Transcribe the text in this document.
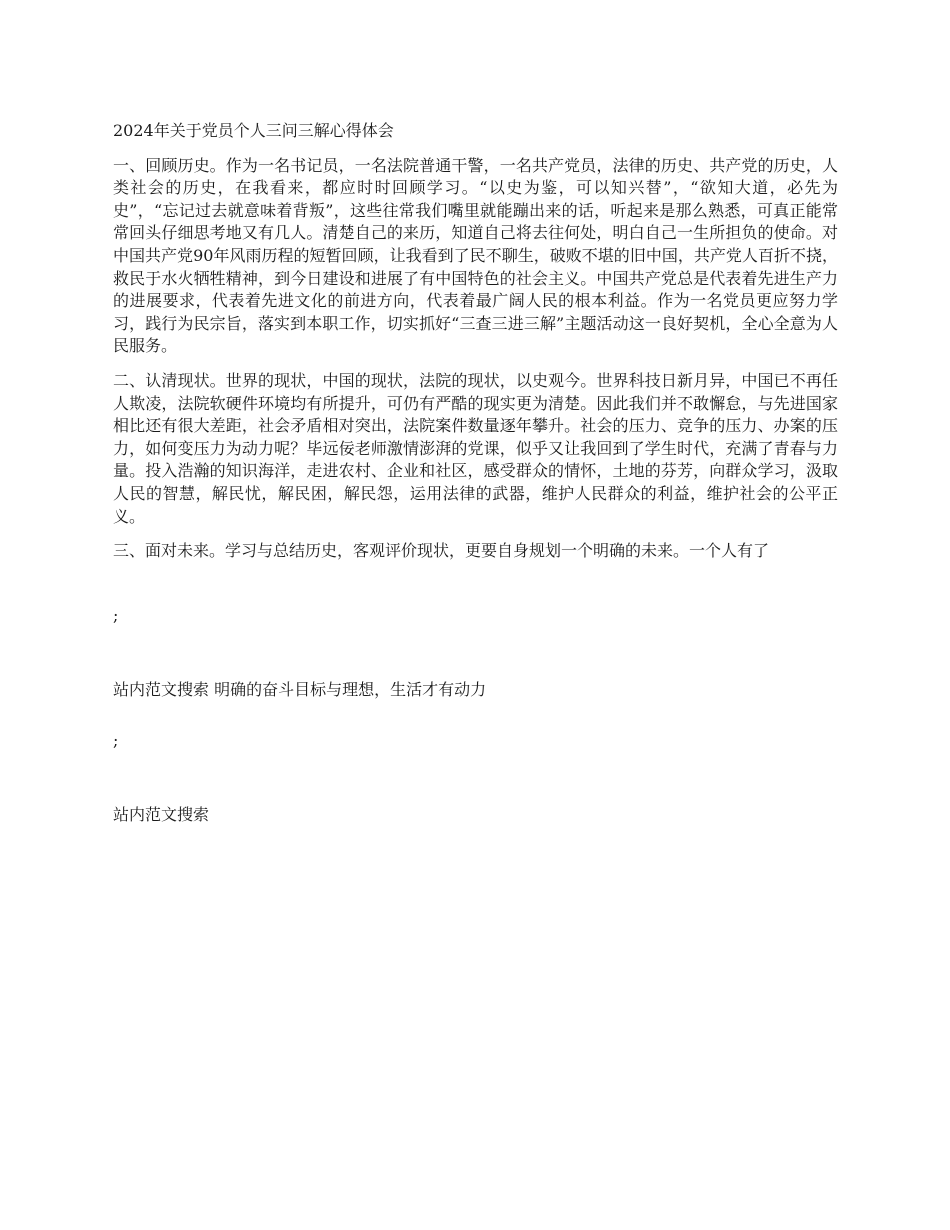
2024年关于党员个人三问三解心得体会

一、回顾历史。作为一名书记员，一名法院普通干警，一名共产党员，法律的历史、共产党的历史，人类社会的历史，在我看来，都应时时回顾学习。“以史为鉴，可以知兴替”，“欲知大道，必先为史”，“忘记过去就意味着背叛”，这些往常我们嘴里就能蹦出来的话，听起来是那么熟悉，可真正能常常回头仔细思考地又有几人。清楚自己的来历，知道自己将去往何处，明白自己一生所担负的使命。对中国共产党90年风雨历程的短暂回顾，让我看到了民不聊生，破败不堪的旧中国，共产党人百折不挠，救民于水火牺牲精神，到今日建设和进展了有中国特色的社会主义。中国共产党总是代表着先进生产力的进展要求，代表着先进文化的前进方向，代表着最广阔人民的根本利益。作为一名党员更应努力学习，践行为民宗旨，落实到本职工作，切实抓好“三查三进三解”主题活动这一良好契机，全心全意为人民服务。

二、认清现状。世界的现状，中国的现状，法院的现状，以史观今。世界科技日新月异，中国已不再任人欺凌，法院软硬件环境均有所提升，可仍有严酷的现实更为清楚。因此我们并不敢懈怠，与先进国家相比还有很大差距，社会矛盾相对突出，法院案件数量逐年攀升。社会的压力、竞争的压力、办案的压力，如何变压力为动力呢？毕远佞老师激情澎湃的党课，似乎又让我回到了学生时代，充满了青春与力量。投入浩瀚的知识海洋，走进农村、企业和社区，感受群众的情怀，土地的芬芳，向群众学习，汲取人民的智慧，解民忧，解民困，解民怨，运用法律的武器，维护人民群众的利益，维护社会的公平正义。

三、面对未来。学习与总结历史，客观评价现状，更要自身规划一个明确的未来。一个人有了

;

站内范文搜索 明确的奋斗目标与理想，生活才有动力

;

站内范文搜索
